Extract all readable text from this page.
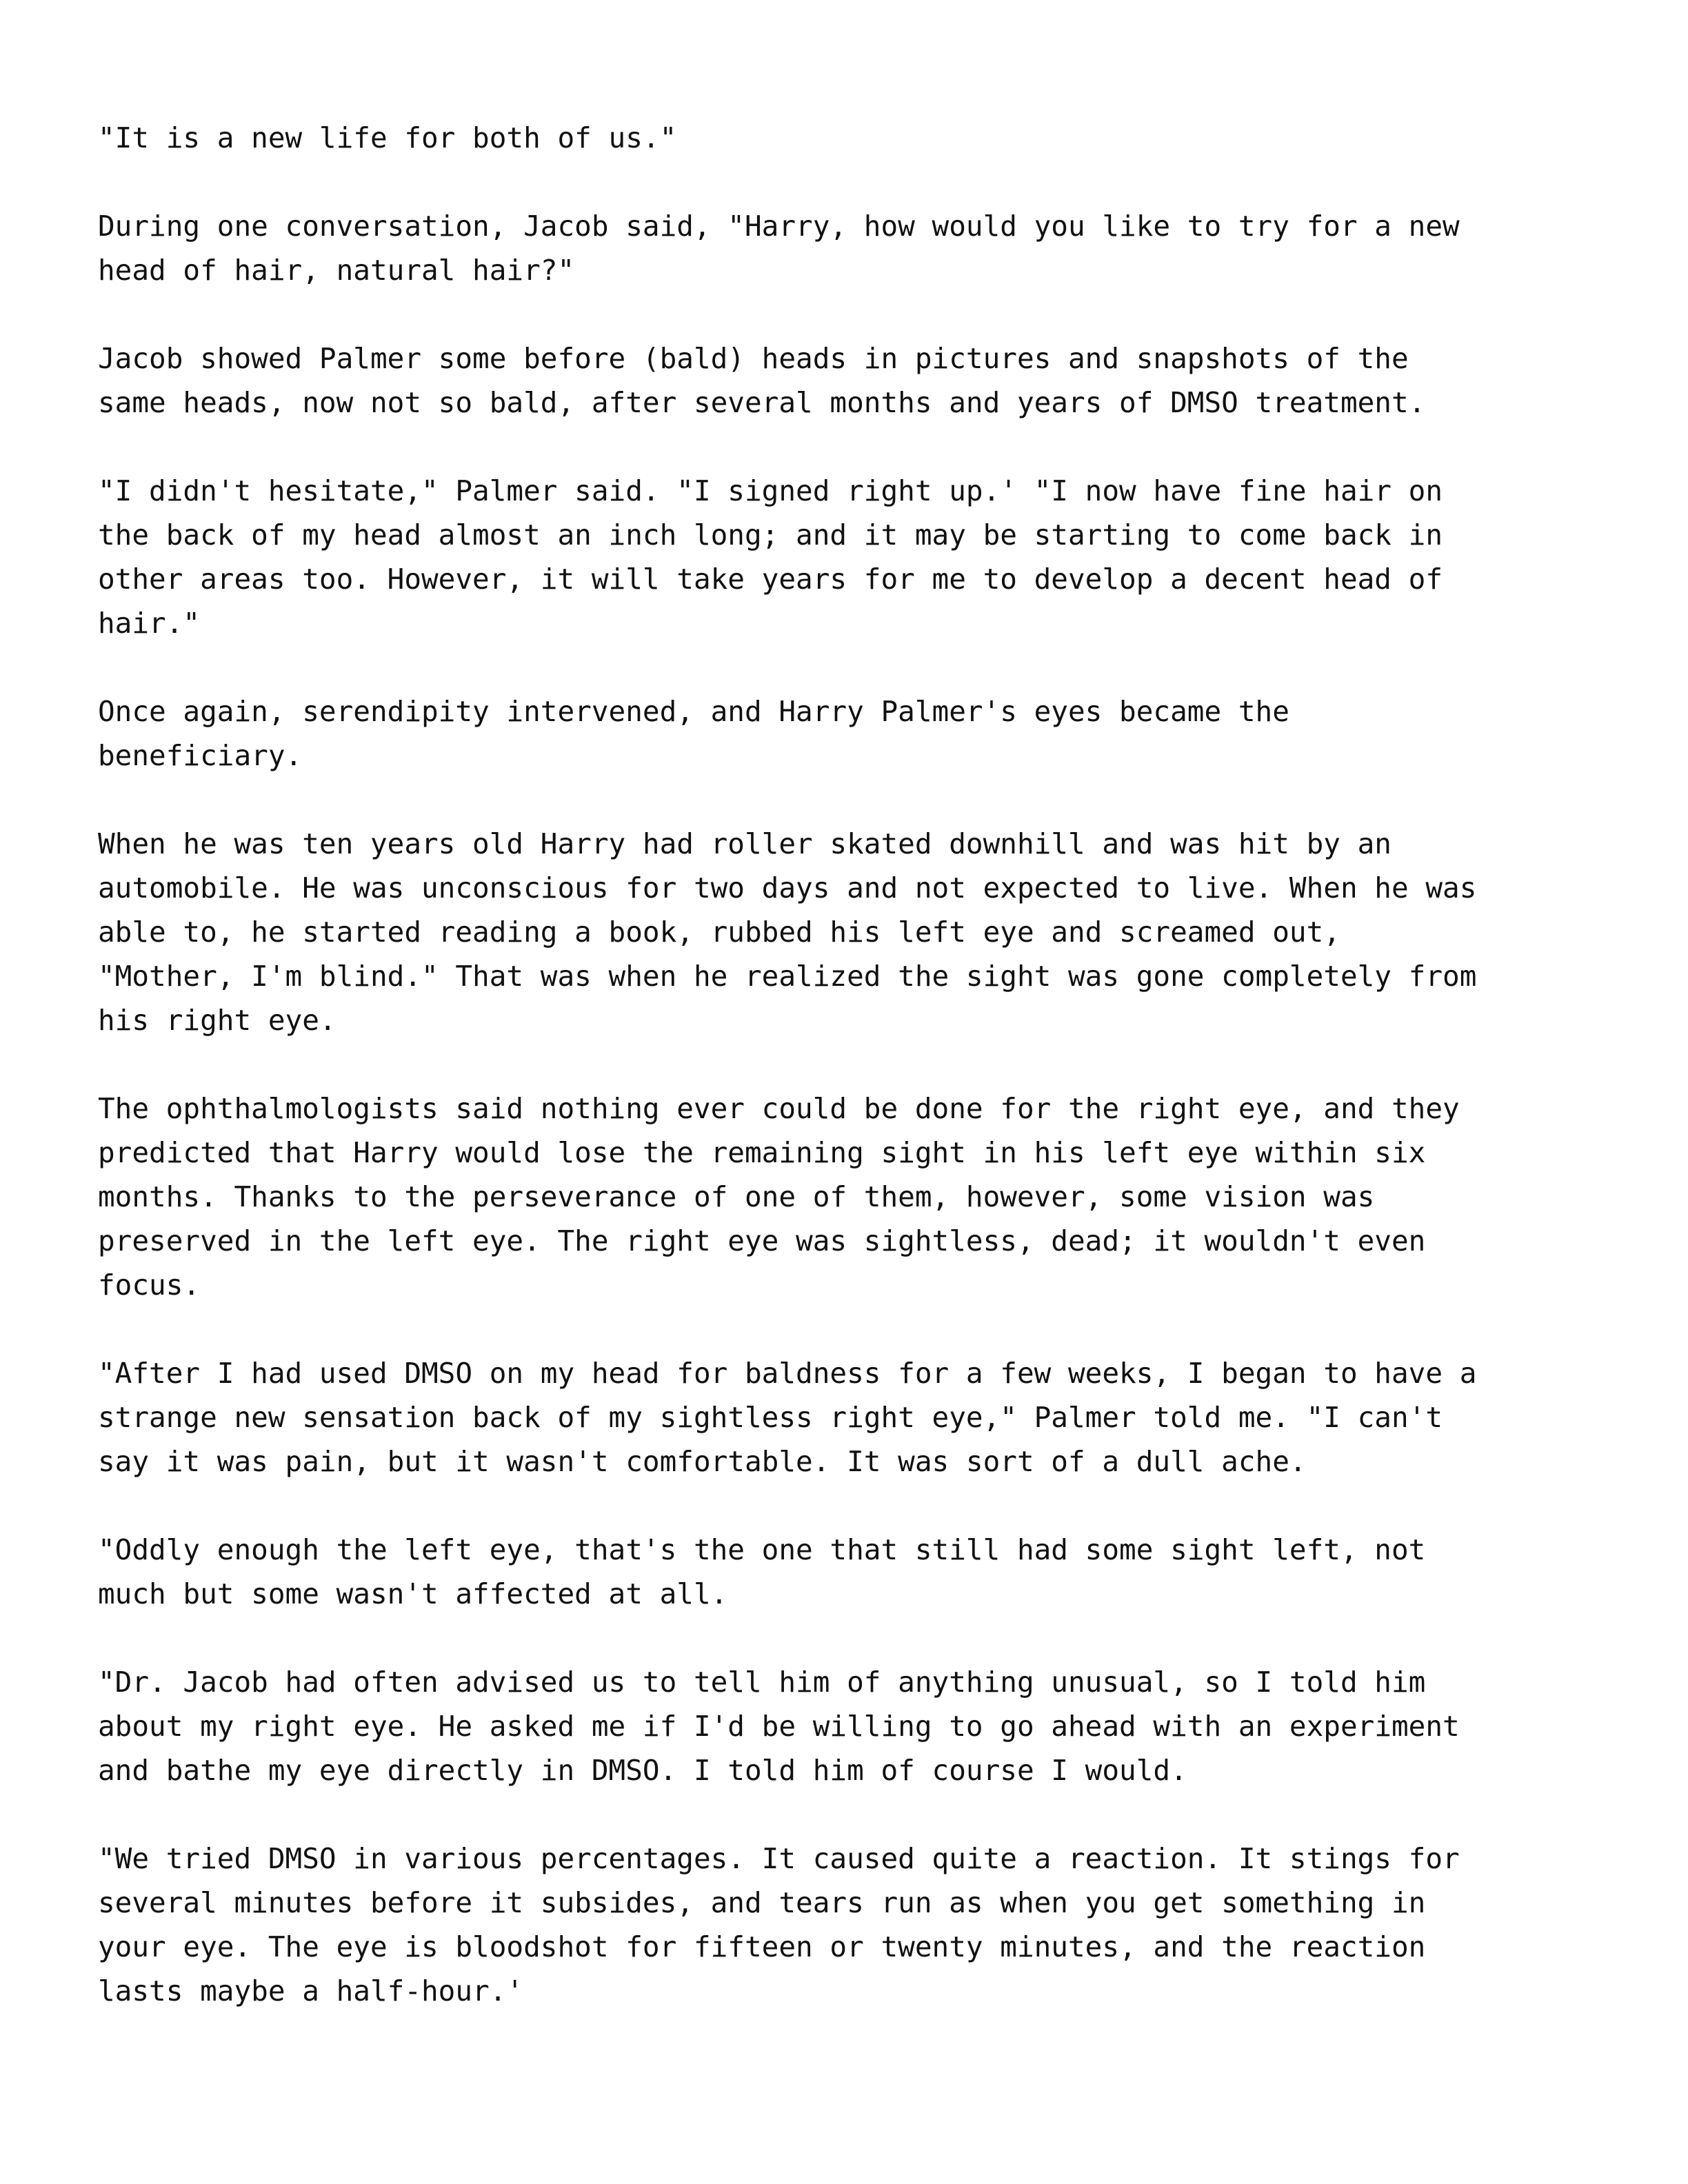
"It is a new life for both of us."
During one conversation, Jacob said, "Harry, how would you like to try for a new
head of hair, natural hair?"
Jacob showed Palmer some before (bald) heads in pictures and snapshots of the
same heads, now not so bald, after several months and years of DMSO treatment.
"I didn't hesitate," Palmer said. "I signed right up.' "I now have fine hair on
the back of my head almost an inch long; and it may be starting to come back in
other areas too. However, it will take years for me to develop a decent head of
hair."
Once again, serendipity intervened, and Harry Palmer's eyes became the
beneficiary.
When he was ten years old Harry had roller skated downhill and was hit by an
automobile. He was unconscious for two days and not expected to live. When he was
able to, he started reading a book, rubbed his left eye and screamed out,
"Mother, I'm blind." That was when he realized the sight was gone completely from
his right eye.
The ophthalmologists said nothing ever could be done for the right eye, and they
predicted that Harry would lose the remaining sight in his left eye within six
months. Thanks to the perseverance of one of them, however, some vision was
preserved in the left eye. The right eye was sightless, dead; it wouldn't even
focus.
"After I had used DMSO on my head for baldness for a few weeks, I began to have a
strange new sensation back of my sightless right eye," Palmer told me. "I can't
say it was pain, but it wasn't comfortable. It was sort of a dull ache.
"Oddly enough the left eye, that's the one that still had some sight left, not
much but some wasn't affected at all.
"Dr. Jacob had often advised us to tell him of anything unusual, so I told him
about my right eye. He asked me if I'd be willing to go ahead with an experiment
and bathe my eye directly in DMSO. I told him of course I would.
"We tried DMSO in various percentages. It caused quite a reaction. It stings for
several minutes before it subsides, and tears run as when you get something in
your eye. The eye is bloodshot for fifteen or twenty minutes, and the reaction
lasts maybe a half-hour.'
